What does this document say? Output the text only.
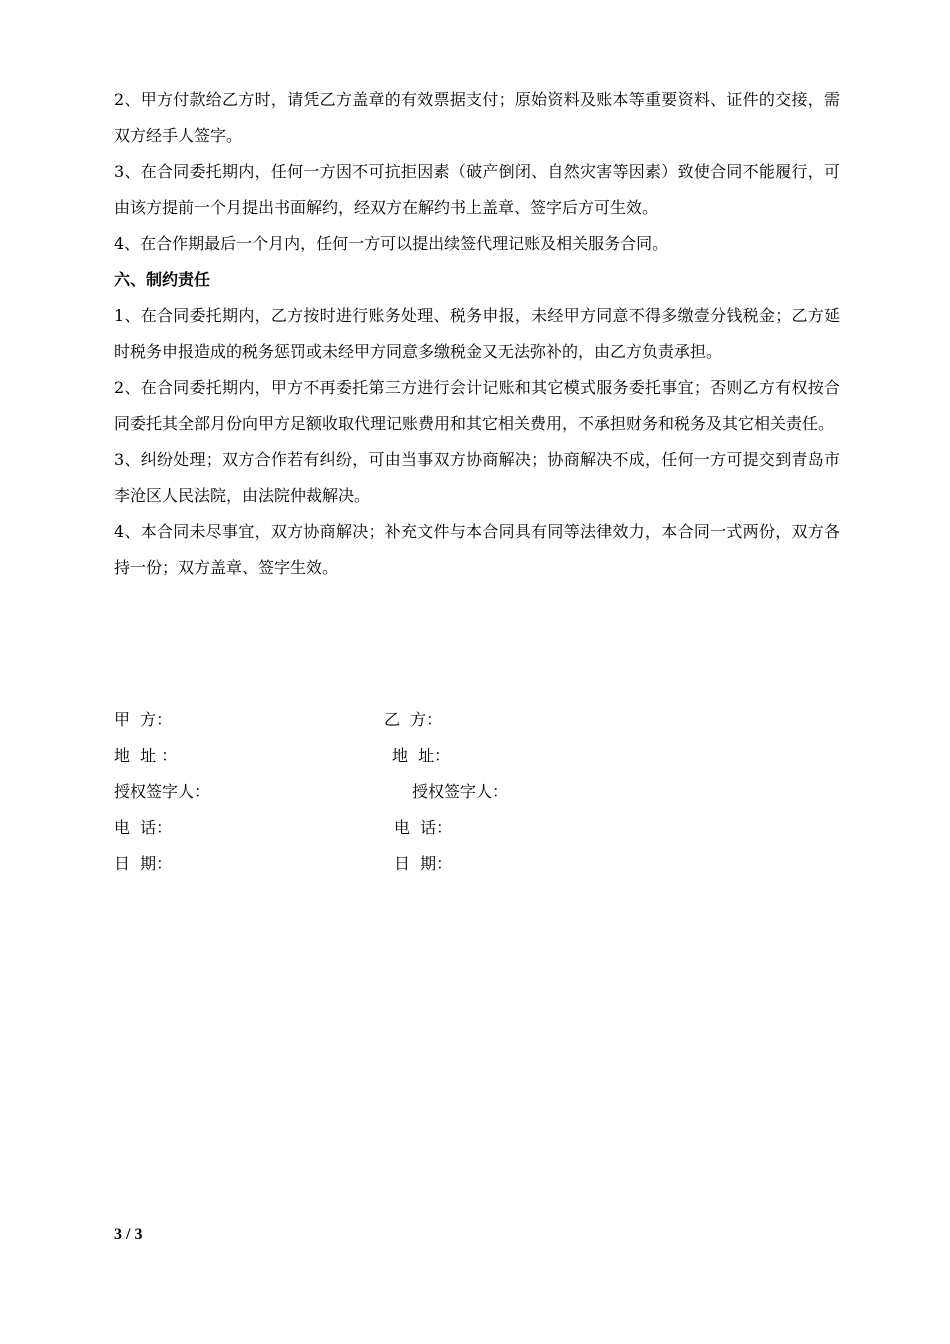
2、甲方付款给乙方时，请凭乙方盖章的有效票据支付；原始资料及账本等重要资料、证件的交接，需双方经手人签字。

3、在合同委托期内，任何一方因不可抗拒因素（破产倒闭、自然灾害等因素）致使合同不能履行，可由该方提前一个月提出书面解约，经双方在解约书上盖章、签字后方可生效。

4、在合作期最后一个月内，任何一方可以提出续签代理记账及相关服务合同。

六、制约责任

1、在合同委托期内，乙方按时进行账务处理、税务申报，未经甲方同意不得多缴壹分钱税金；乙方延时税务申报造成的税务惩罚或未经甲方同意多缴税金又无法弥补的，由乙方负责承担。

2、在合同委托期内，甲方不再委托第三方进行会计记账和其它模式服务委托事宜；否则乙方有权按合同委托其全部月份向甲方足额收取代理记账费用和其它相关费用，不承担财务和税务及其它相关责任。

3、纠纷处理；双方合作若有纠纷，可由当事双方协商解决；协商解决不成，任何一方可提交到青岛市李沧区人民法院，由法院仲裁解决。

4、本合同未尽事宜，双方协商解决；补充文件与本合同具有同等法律效力，本合同一式两份，双方各持一份；双方盖章、签字生效。

甲  方：	乙  方：
地  址 ：	地  址：
授权签字人：	授权签字人：
电  话：	电  话：
日  期：	日  期：
3 / 3
